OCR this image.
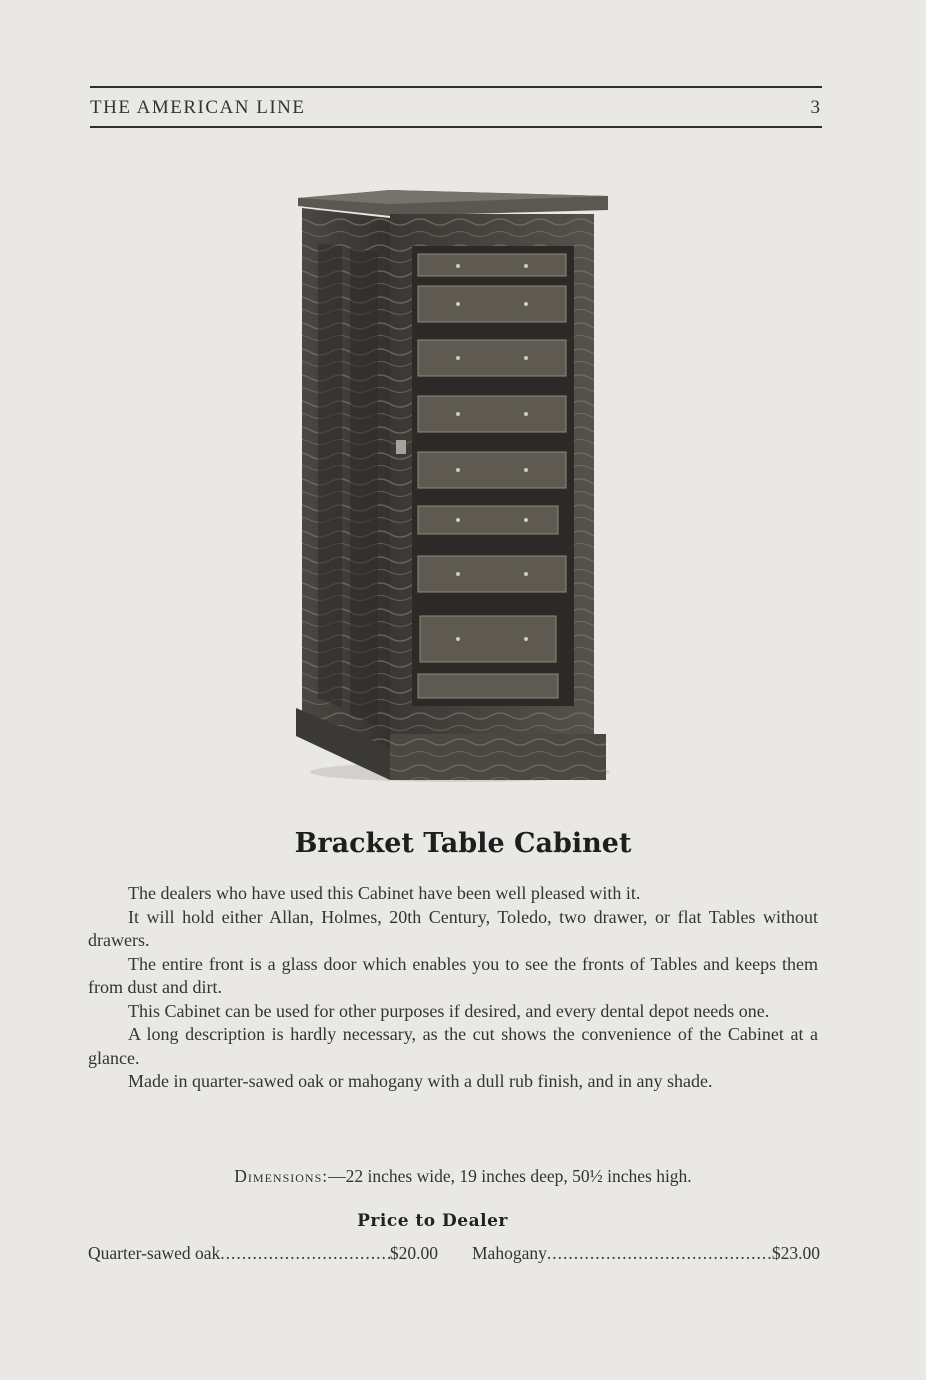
THE AMERICAN LINE	3
Bracket Table Cabinet

The dealers who have used this Cabinet have been well pleased with it.

It will hold either Allan, Holmes, 20th Century, Toledo, two drawer, or flat Tables without drawers.

The entire front is a glass door which enables you to see the fronts of Tables and keeps them from dust and dirt.

This Cabinet can be used for other purposes if desired, and every dental depot needs one.

A long description is hardly necessary, as the cut shows the convenience of the Cabinet at a glance.

Made in quarter-sawed oak or mahogany with a dull rub finish, and in any shade.

Dimensions:—22 inches wide, 19 inches deep, 50½ inches high.
Price to Dealer
Quarter-sawed oak .....	$20.00 Mahogany .....	$23.00
